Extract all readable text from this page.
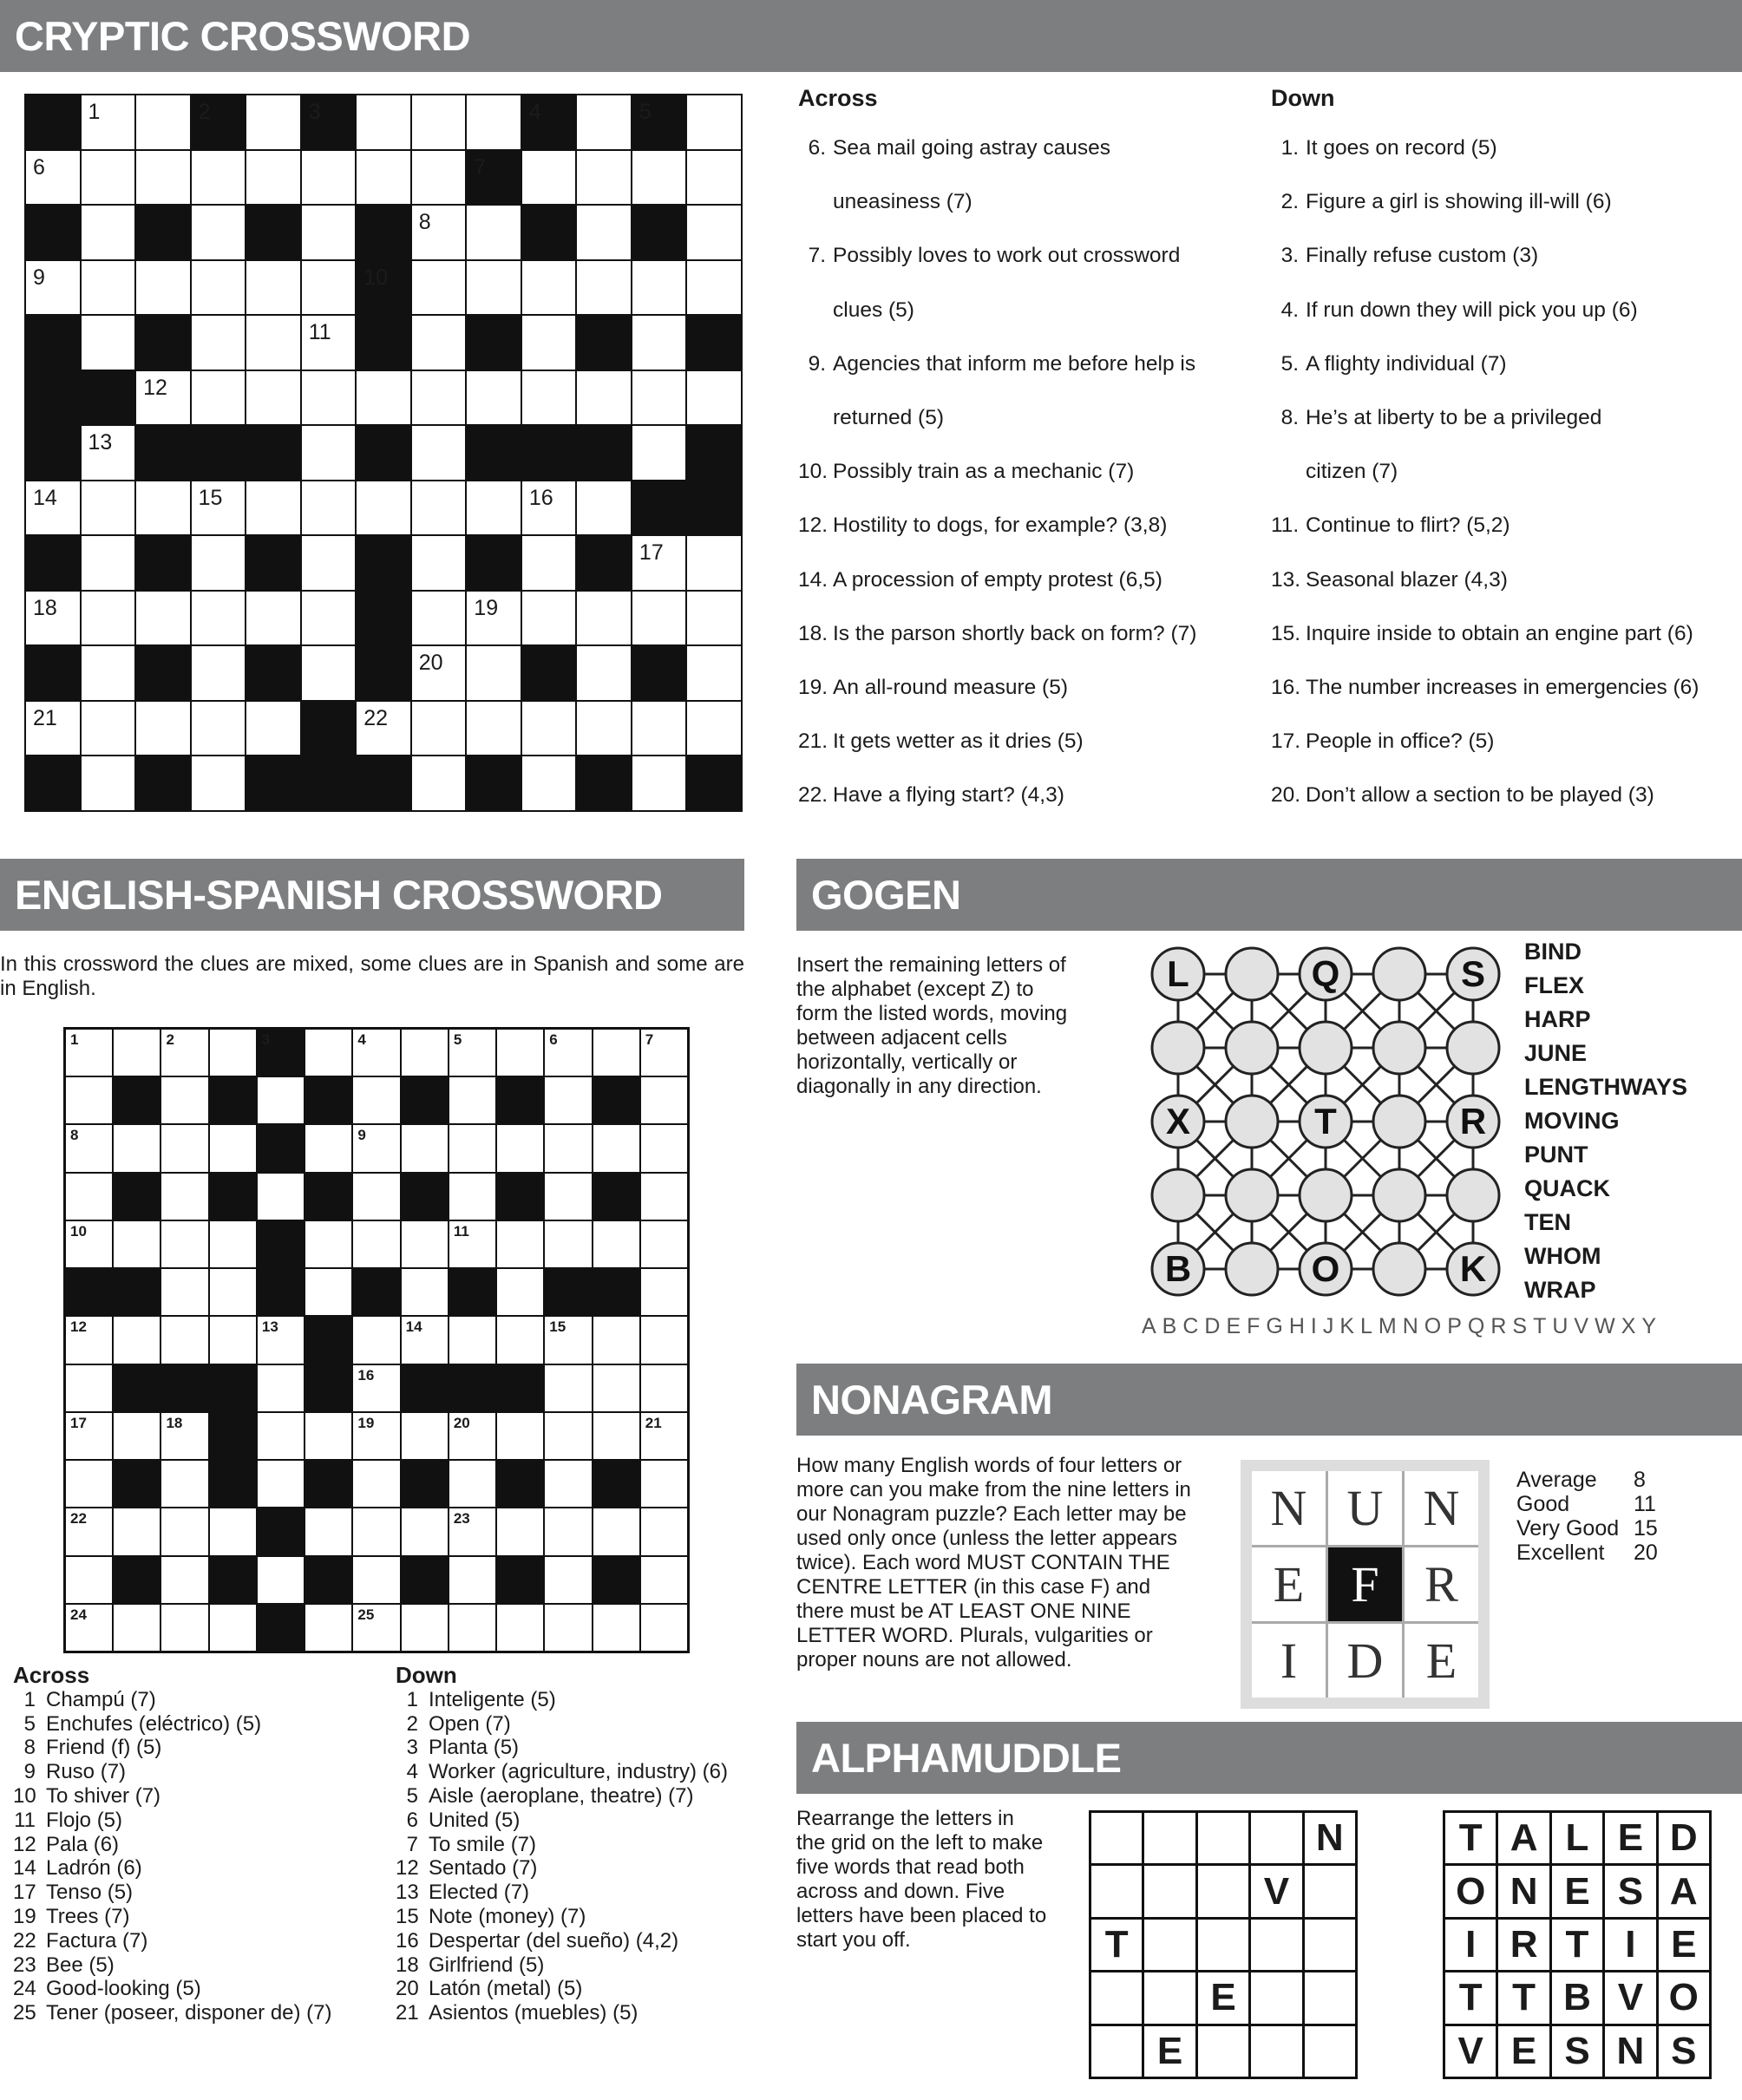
CRYPTIC CROSSWORD
1	2	3	4	5
6	7
8
9	10
11
12
13
14	15	16
17
18	19
20
21	22
Across
6. Sea mail going astray causes
uneasiness (7)
7. Possibly loves to work out crossword
clues (5)
9. Agencies that inform me before help is
returned (5)
10. Possibly train as a mechanic (7)
12. Hostility to dogs, for example? (3,8)
14. A procession of empty protest (6,5)
18. Is the parson shortly back on form? (7)
19. An all-round measure (5)
21. It gets wetter as it dries (5)
22. Have a flying start? (4,3)
Down
1. It goes on record (5)
2. Figure a girl is showing ill-will (6)
3. Finally refuse custom (3)
4. If run down they will pick you up (6)
5. A flighty individual (7)
8. He’s at liberty to be a privileged
citizen (7)
11. Continue to flirt? (5,2)
13. Seasonal blazer (4,3)
15. Inquire inside to obtain an engine part (6)
16. The number increases in emergencies (6)
17. People in office? (5)
20. Don’t allow a section to be played (3)
ENGLISH-SPANISH CROSSWORD
In this crossword the clues are mixed, some clues are in Spanish and some are in English.
1	2	3	4	5	6	7
8	9
10	11
12	13	14	15
16
17	18	19	20	21
22	23
24	25
Across
1 Champú (7)
5 Enchufes (eléctrico) (5)
8 Friend (f) (5)
9 Ruso (7)
10 To shiver (7)
11 Flojo (5)
12 Pala (6)
14 Ladrón (6)
17 Tenso (5)
19 Trees (7)
22 Factura (7)
23 Bee (5)
24 Good-looking (5)
25 Tener (poseer, disponer de) (7)
Down
1 Inteligente (5)
2 Open (7)
3 Planta (5)
4 Worker (agriculture, industry) (6)
5 Aisle (aeroplane, theatre) (7)
6 United (5)
7 To smile (7)
12 Sentado (7)
13 Elected (7)
15 Note (money) (7)
16 Despertar (del sueño) (4,2)
18 Girlfriend (5)
20 Latón (metal) (5)
21 Asientos (muebles) (5)
GOGEN
Insert the remaining letters of the alphabet (except Z) to form the listed words, moving between adjacent cells horizontally, vertically or diagonally in any direction.
L	Q	S
X	T	R
B	O	K
BIND
FLEX
HARP
JUNE
LENGTHWAYS
MOVING
PUNT
QUACK
TEN
WHOM
WRAP
ABCDEFGHIJKLMNOPQRSTUVWXY
NONAGRAM
How many English words of four letters or more can you make from the nine letters in our Nonagram puzzle? Each letter may be used only once (unless the letter appears twice). Each word MUST CONTAIN THE CENTRE LETTER (in this case F) and there must be AT LEAST ONE NINE LETTER WORD. Plurals, vulgarities or proper nouns are not allowed.
N U N
E F R
I D E
Average	8
Good	11
Very Good 15
Excellent	20
ALPHAMUDDLE
Rearrange the letters in the grid on the left to make five words that read both across and down. Five letters have been placed to start you off.
N
V
T
E
E
T A L E D
O N E S A
I R T I E
T T B V O
V E S N S
